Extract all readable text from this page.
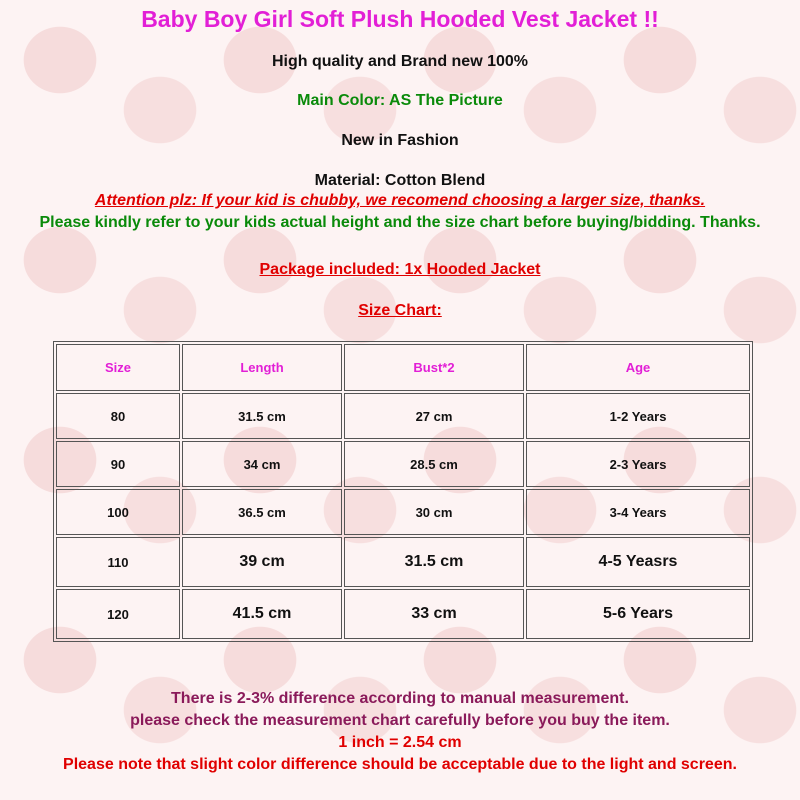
Baby Boy Girl Soft Plush Hooded Vest Jacket !!
High quality and Brand new 100%
Main Color: AS The Picture
New in Fashion
Material: Cotton Blend
Attention plz: If your kid is chubby, we recomend choosing a larger size, thanks.
Please kindly refer to your kids actual height and the size chart before buying/bidding. Thanks.
Package included: 1x Hooded Jacket
Size Chart:
Size	Length	Bust*2	Age
80	31.5 cm	27 cm	1-2 Years
90	34 cm	28.5 cm	2-3 Years
100	36.5 cm	30 cm	3-4 Years
110	39 cm	31.5 cm	4-5 Yeasrs
120	41.5 cm	33 cm	5-6 Years
There is 2-3% difference according to manual measurement.
please check the measurement chart carefully before you buy the item.
1 inch = 2.54 cm
Please note that slight color difference should be acceptable due to the light and screen.
